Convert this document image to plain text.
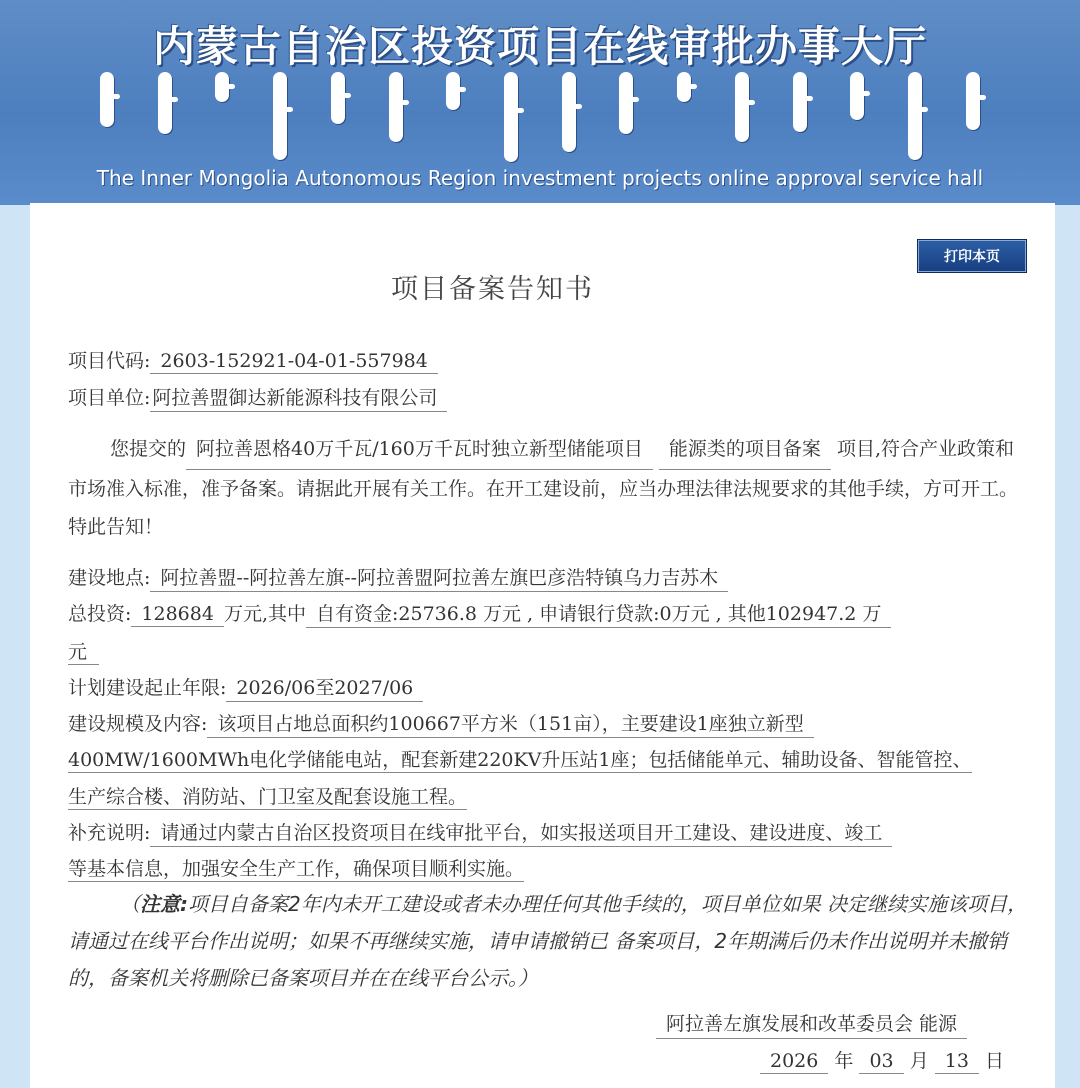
内蒙古自治区投资项目在线审批办事大厅
The Inner Mongolia Autonomous Region investment projects online approval service hall
打印本页
项目备案告知书
项目代码: 2603-152921-04-01-557984
项目单位: 阿拉善盟御达新能源科技有限公司
您提交的 阿拉善恩格40万千瓦/160万千瓦时独立新型储能项目 能源类的项目备案 项目,符合产业政策和市场准入标准，准予备案。请据此开展有关工作。在开工建设前，应当办理法律法规要求的其他手续，方可开工。特此告知！
建设地点: 阿拉善盟--阿拉善左旗--阿拉善盟阿拉善左旗巴彦浩特镇乌力吉苏木
总投资: 128684 万元,其中 自有资金:25736.8 万元 , 申请银行贷款:0万元 , 其他102947.2 万
元
计划建设起止年限: 2026/06至2027/06
建设规模及内容: 该项目占地总面积约100667平方米（151亩），主要建设1座独立新型
400MW/1600MWh电化学储能电站，配套新建220KV升压站1座；包括储能单元、辅助设备、智能管控、
生产综合楼、消防站、门卫室及配套设施工程。
补充说明: 请通过内蒙古自治区投资项目在线审批平台，如实报送项目开工建设、建设进度、竣工
等基本信息，加强安全生产工作，确保项目顺利实施。
（注意:项目自备案2年内未开工建设或者未办理任何其他手续的，项目单位如果 决定继续实施该项目，请通过在线平台作出说明；如果不再继续实施，请申请撤销已 备案项目，2年期满后仍未作出说明并未撤销的，备案机关将删除已备案项目并在在线平台公示。）
阿拉善左旗发展和改革委员会 能源
2026 年 03 月 13 日
